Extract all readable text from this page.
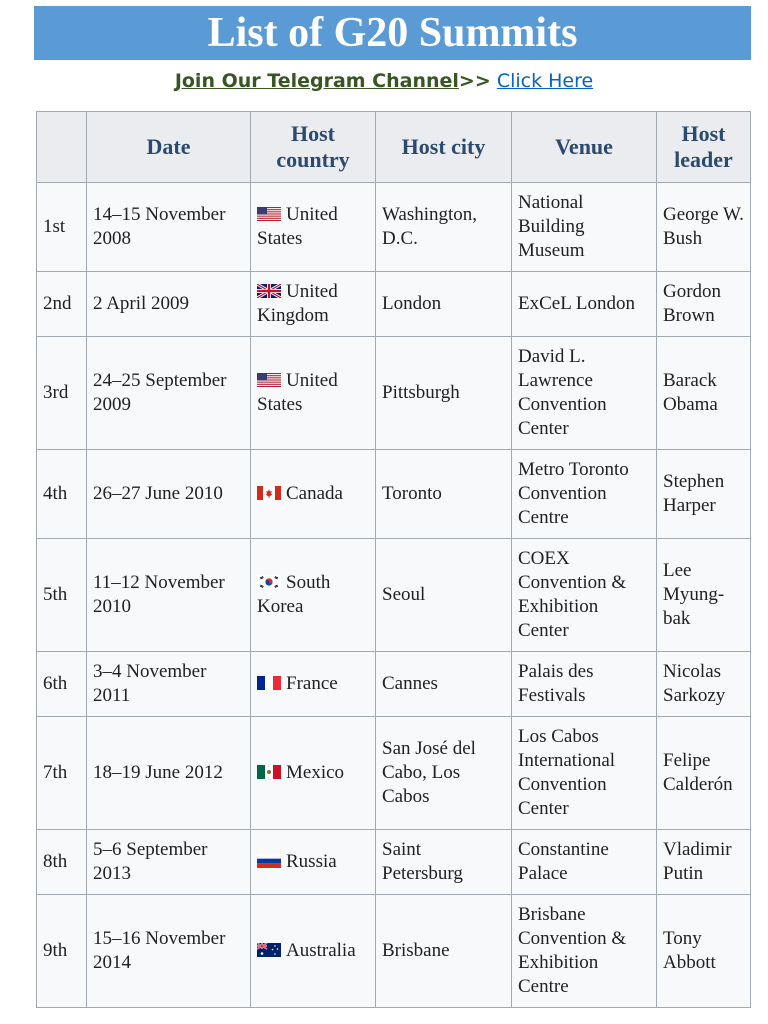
List of G20 Summits
Join Our Telegram Channel>> Click Here
	Date	Host country	Host city	Venue	Host leader
1st	14–15 November 2008	United States	Washington, D.C.	National Building Museum	George W. Bush
2nd	2 April 2009	United Kingdom	London	ExCeL London	Gordon Brown
3rd	24–25 September 2009	United States	Pittsburgh	David L. Lawrence Convention Center	Barack Obama
4th	26–27 June 2010	Canada	Toronto	Metro Toronto Convention Centre	Stephen Harper
5th	11–12 November 2010	South Korea	Seoul	COEX Convention & Exhibition Center	Lee Myung-bak
6th	3–4 November 2011	France	Cannes	Palais des Festivals	Nicolas Sarkozy
7th	18–19 June 2012	Mexico	San José del Cabo, Los Cabos	Los Cabos International Convention Center	Felipe Calderón
8th	5–6 September 2013	Russia	Saint Petersburg	Constantine Palace	Vladimir Putin
9th	15–16 November 2014	Australia	Brisbane	Brisbane Convention & Exhibition Centre	Tony Abbott
